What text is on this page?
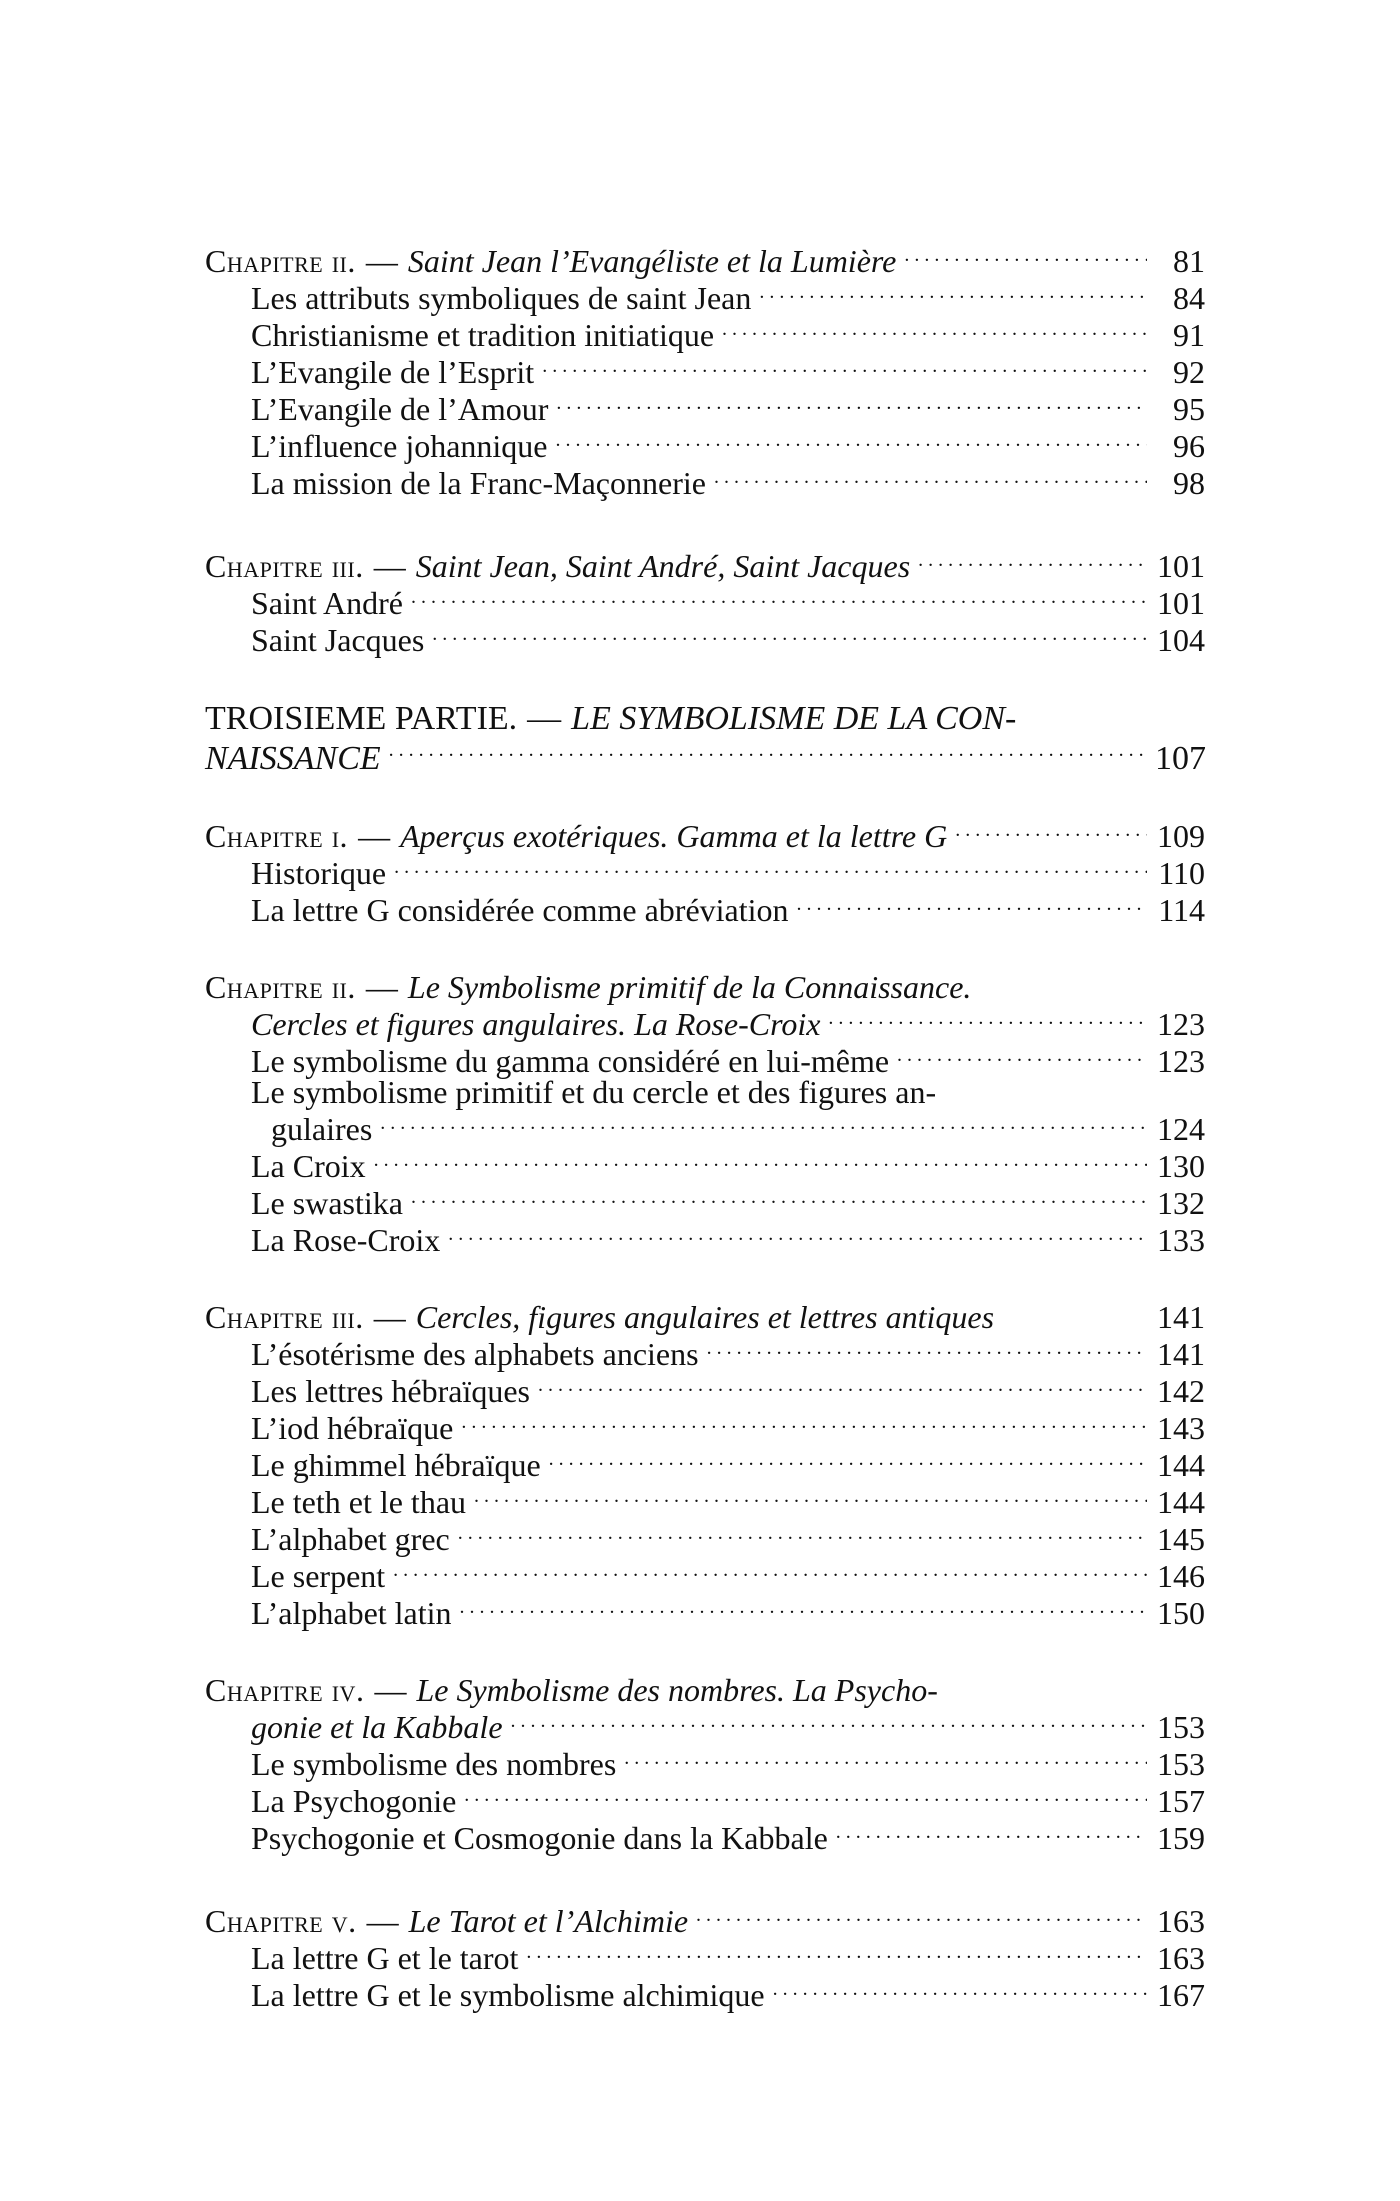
Chapitre ii. — Saint Jean l’Evangéliste et la Lumière . . .	81
Les attributs symboliques de saint Jean . . .	84
Christianisme et tradition initiatique . . .	91
L’Evangile de l’Esprit . . .	92
L’Evangile de l’Amour . . .	95
L’influence johannique . . .	96
La mission de la Franc-Maçonnerie . . .	98
Chapitre iii. — Saint Jean, Saint André, Saint Jacques . . .	101
Saint André . . .	101
Saint Jacques . . .	104
TROISIEME PARTIE. — LE SYMBOLISME DE LA CON-
NAISSANCE . . .	107
Chapitre i. — Aperçus exotériques. Gamma et la lettre G . . .	109
Historique . . .	110
La lettre G considérée comme abréviation . . .	114
Chapitre ii. — Le Symbolisme primitif de la Connaissance.
Cercles et figures angulaires. La Rose-Croix . . .	123
Le symbolisme du gamma considéré en lui-même . . .	123
Le symbolisme primitif et du cercle et des figures an-
gulaires . . .	124
La Croix . . .	130
Le swastika . . .	132
La Rose-Croix . . .	133
Chapitre iii. — Cercles, figures angulaires et lettres antiques	141
L’ésotérisme des alphabets anciens . . .	141
Les lettres hébraïques . . .	142
L’iod hébraïque . . .	143
Le ghimmel hébraïque . . .	144
Le teth et le thau . . .	144
L’alphabet grec . . .	145
Le serpent . . .	146
L’alphabet latin . . .	150
Chapitre iv. — Le Symbolisme des nombres. La Psycho-
gonie et la Kabbale . . .	153
Le symbolisme des nombres . . .	153
La Psychogonie . . .	157
Psychogonie et Cosmogonie dans la Kabbale . . .	159
Chapitre v. — Le Tarot et l’Alchimie . . .	163
La lettre G et le tarot . . .	163
La lettre G et le symbolisme alchimique . . .	167
